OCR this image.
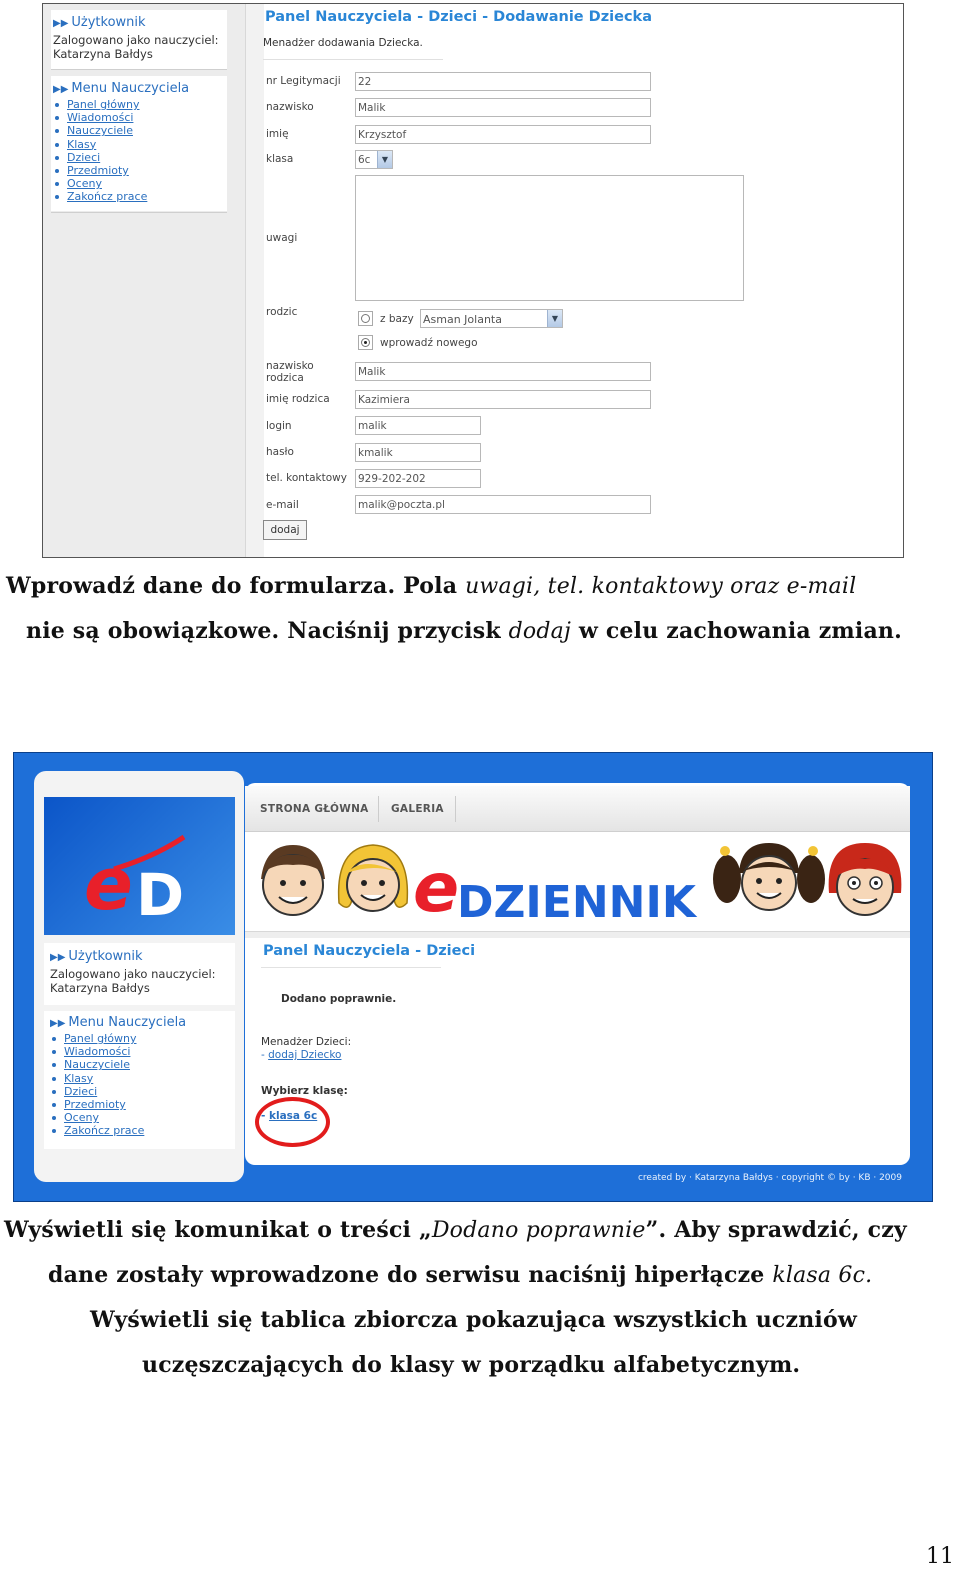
▶▶ Użytkownik
Zalogowano jako nauczyciel:
Katarzyna Bałdys
▶▶ Menu Nauczyciela
Panel główny
Wiadomości
Nauczyciele
Klasy
Dzieci
Przedmioty
Oceny
Zakończ prace
Panel Nauczyciela - Dzieci - Dodawanie Dziecka
Menadżer dodawania Dziecka.
nr Legitymacji 22
nazwisko	Malik
imię	Krzysztof
klasa	6c	▼
uwagi
rodzic
z bazy Asman Jolanta	▼
wprowadź nowego
nazwisko rodzica	Malik
imię rodzica	Kazimiera
login	malik
hasło	kmalik
tel. kontaktowy 929-202-202
e-mail	malik@poczta.pl
dodaj
Wprowadź dane do formularza. Pola uwagi, tel. kontaktowy oraz e-mail
nie są obowiązkowe. Naciśnij przycisk dodaj w celu zachowania zmian.
e D
▶▶ Użytkownik
Zalogowano jako nauczyciel:
Katarzyna Bałdys
▶▶ Menu Nauczyciela
Panel główny
Wiadomości
Nauczyciele
Klasy
Dzieci
Przedmioty
Oceny
Zakończ prace
STRONA GŁÓWNA GALERIA
e
DZIENNIK
Panel Nauczyciela - Dzieci
Dodano poprawnie.
Menadżer Dzieci:
- dodaj Dziecko
Wybierz klasę:
- klasa 6c
created by · Katarzyna Bałdys · copyright © by · KB · 2009
Wyświetli się komunikat o treści „Dodano poprawnie”. Aby sprawdzić, czy
dane zostały wprowadzone do serwisu naciśnij hiperłącze klasa 6c.
Wyświetli się tablica zbiorcza pokazująca wszystkich uczniów
uczęszczających do klasy w porządku alfabetycznym.
11
